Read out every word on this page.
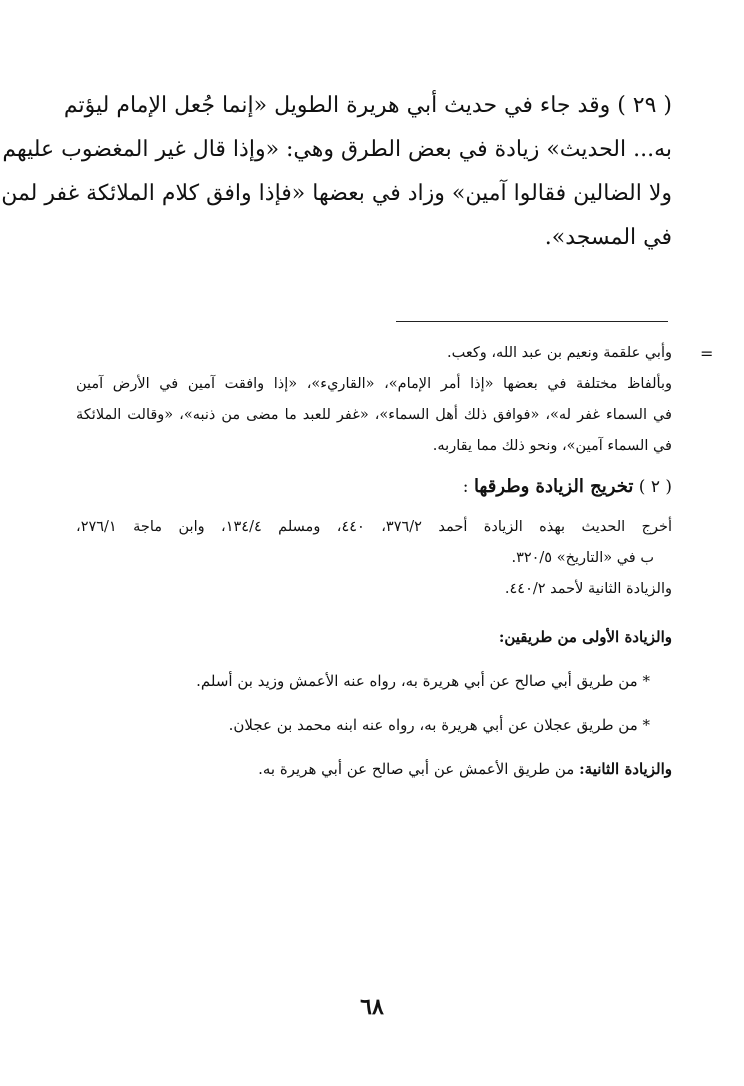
( ٢٩ ) وقد جاء في حديث أبي هريرة الطويل «إنما جُعل الإمام ليؤتم
به... الحديث» زيادة في بعض الطرق وهي: «وإذا قال غير المغضوب عليهم
ولا الضالين فقالوا آمين» وزاد في بعضها «فإذا وافق كلام الملائكة غفر لمن
في المسجد».
=
وأبي علقمة ونعيم بن عبد الله، وكعب.
وبألفاظ مختلفة في بعضها «إذا أمر الإمام»، «القاريء»، «إذا وافقت آمين في الأرض آمين
في السماء غفر له»، «فوافق ذلك أهل السماء»، «غفر للعبد ما مضى من ذنبه»، «وقالت الملائكة
في السماء آمين»، ونحو ذلك مما يقاربه.
( ٢ ) تخريج الزيادة وطرقها :
أخرج الحديث بهذه الزيادة أحمد ٣٧٦/٢، ٤٤٠، ومسلم ١٣٤/٤، وابن ماجة ٢٧٦/١،
ب في «التاريخ» ٣٢٠/٥.
والزيادة الثانية لأحمد ٤٤٠/٢.
والزيادة الأولى من طريقين:
* من طريق أبي صالح عن أبي هريرة به، رواه عنه الأعمش وزيد بن أسلم.
* من طريق عجلان عن أبي هريرة به، رواه عنه ابنه محمد بن عجلان.
والزيادة الثانية: من طريق الأعمش عن أبي صالح عن أبي هريرة به.
٦٨
